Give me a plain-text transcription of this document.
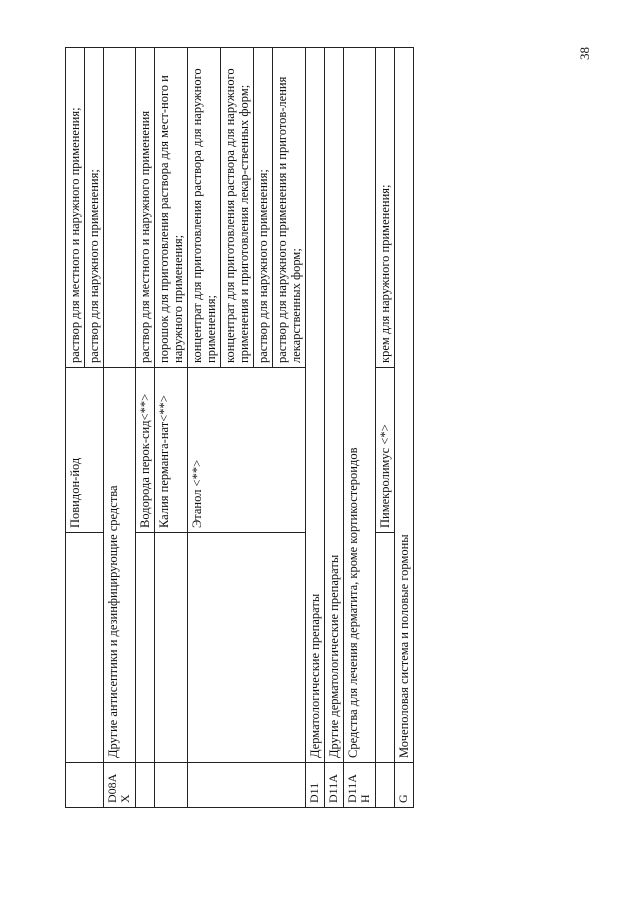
38
		Повидон-йод	раствор для местного и наружного применения;
			раствор для наружного применения;
D08AX	Другие антисептики и дезинфицирующие средства		
		Водорода перок-сид<**>	раствор для местного и наружного применения
		Калия перманга-нат<**>	порошок для приготовления раствора для мест-ного и наружного применения;
		Этанол <**>	концентрат для приготовления раствора для наружного применения;
			концентрат для приготовления раствора для наружного применения и приготовления лекар-ственных форм;
			раствор для наружного применения;
			раствор для наружного применения и приготов-ления лекарственных форм;
D11	Дерматологические препараты		
D11A	Другие дерматологические препараты		
D11AH	Средства для лечения дерматита, кроме кортикостероидов		
		Пимекролимус <*>	крем для наружного применения;
G	Мочеполовая система и половые гормоны		
